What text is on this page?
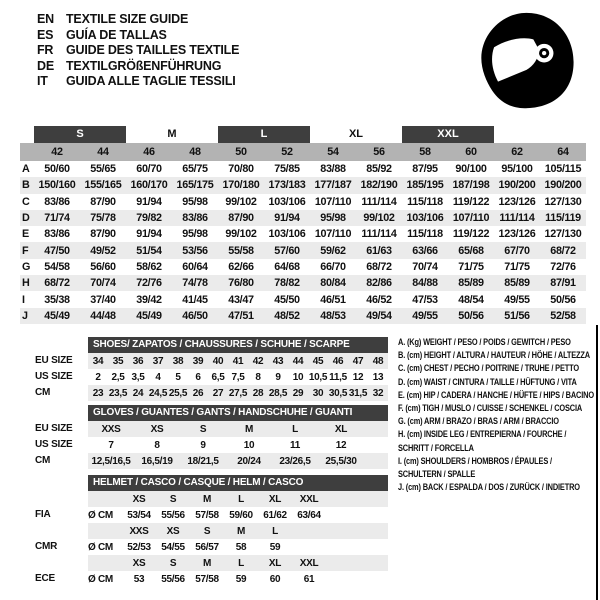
EN TEXTILE SIZE GUIDE
ES	GUÍA DE TALLAS
FR	GUIDE DES TAILLES TEXTILE
DE TEXTILGRÖßENFÜHRUNG
IT	GUIDA ALLE TAGLIE TESSILI
S	M	L	XL	XXL
42	44	46	48	50	52	54	56	58	60	62	64
A	50/60	55/65	60/70	65/75	70/80	75/85	83/88	85/92	87/95	90/100	95/100	105/115
B 150/160 155/165 160/170 165/175 170/180 173/183 177/187 182/190 185/195 187/198 190/200 190/200
C	83/86	87/90	91/94	95/98	99/102	103/106 107/110 111/114 115/118 119/122 123/126 127/130
D	71/74	75/78	79/82	83/86	87/90	91/94	95/98	99/102	103/106 107/110 111/114 115/119
E	83/86	87/90	91/94	95/98	99/102	103/106 107/110 111/114 115/118 119/122 123/126 127/130
F	47/50	49/52	51/54	53/56	55/58	57/60	59/62	61/63	63/66	65/68	67/70	68/72
G	54/58	56/60	58/62	60/64	62/66	64/68	66/70	68/72	70/74	71/75	71/75	72/76
H	68/72	70/74	72/76	74/78	76/80	78/82	80/84	82/86	84/88	85/89	85/89	87/91
I	35/38	37/40	39/42	41/45	43/47	45/50	46/51	46/52	47/53	48/54	49/55	50/56
J	45/49	44/48	45/49	46/50	47/51	48/52	48/53	49/54	49/55	50/56	51/56	52/58
SHOES/ ZAPATOS / CHAUSSURES / SCHUHE / SCARPE
EU SIZE	34 35 36 37 38 39 40 41 42 43 44 45 46 47 48
US SIZE	2	2,5 3,5	4	5	6	6,5 7,5	8	9	10 10,5 11,5 12 13
CM	23 23,5 24 24,5 25,5 26 27 27,5 28 28,5 29 30 30,5 31,5 32
GLOVES / GUANTES / GANTS / HANDSCHUHE / GUANTI
EU SIZE	XXS	XS	S	M	L	XL
US SIZE	7	8	9	10	11	12
CM	12,5/16,5	16,5/19	18/21,5	20/24	23/26,5	25,5/30
HELMET / CASCO / CASQUE / HELM / CASCO
XS	S	M	L	XL	XXL
FIA	Ø CM	53/54	55/56	57/58	59/60	61/62	63/64
XXS	XS	S	M	L
CMR	Ø CM	52/53	54/55	56/57	58	59
XS	S	M	L	XL	XXL
ECE	Ø CM	53	55/56	57/58	59	60	61
A. (Kg) WEIGHT / PESO / POIDS / GEWITCH / PESO
B. (cm) HEIGHT / ALTURA / HAUTEUR / HÖHE / ALTEZZA
C. (cm) CHEST / PECHO / POITRINE / TRUHE / PETTO
D. (cm) WAIST / CINTURA / TAILLE / HÜFTUNG / VITA
E. (cm) HIP / CADERA / HANCHE / HÜFTE / HIPS / BACINO
F. (cm) TIGH / MUSLO / CUISSE / SCHENKEL / COSCIA
G. (cm) ARM / BRAZO / BRAS / ARM / BRACCIO
H. (cm) INSIDE LEG / ENTREPIERNA / FOURCHE /
SCHRITT / FORCELLA
I. (cm) SHOULDERS / HOMBROS / ÉPAULES /
SCHULTERN / SPALLE
J. (cm) BACK / ESPALDA / DOS / ZURÜCK / INDIETRO
